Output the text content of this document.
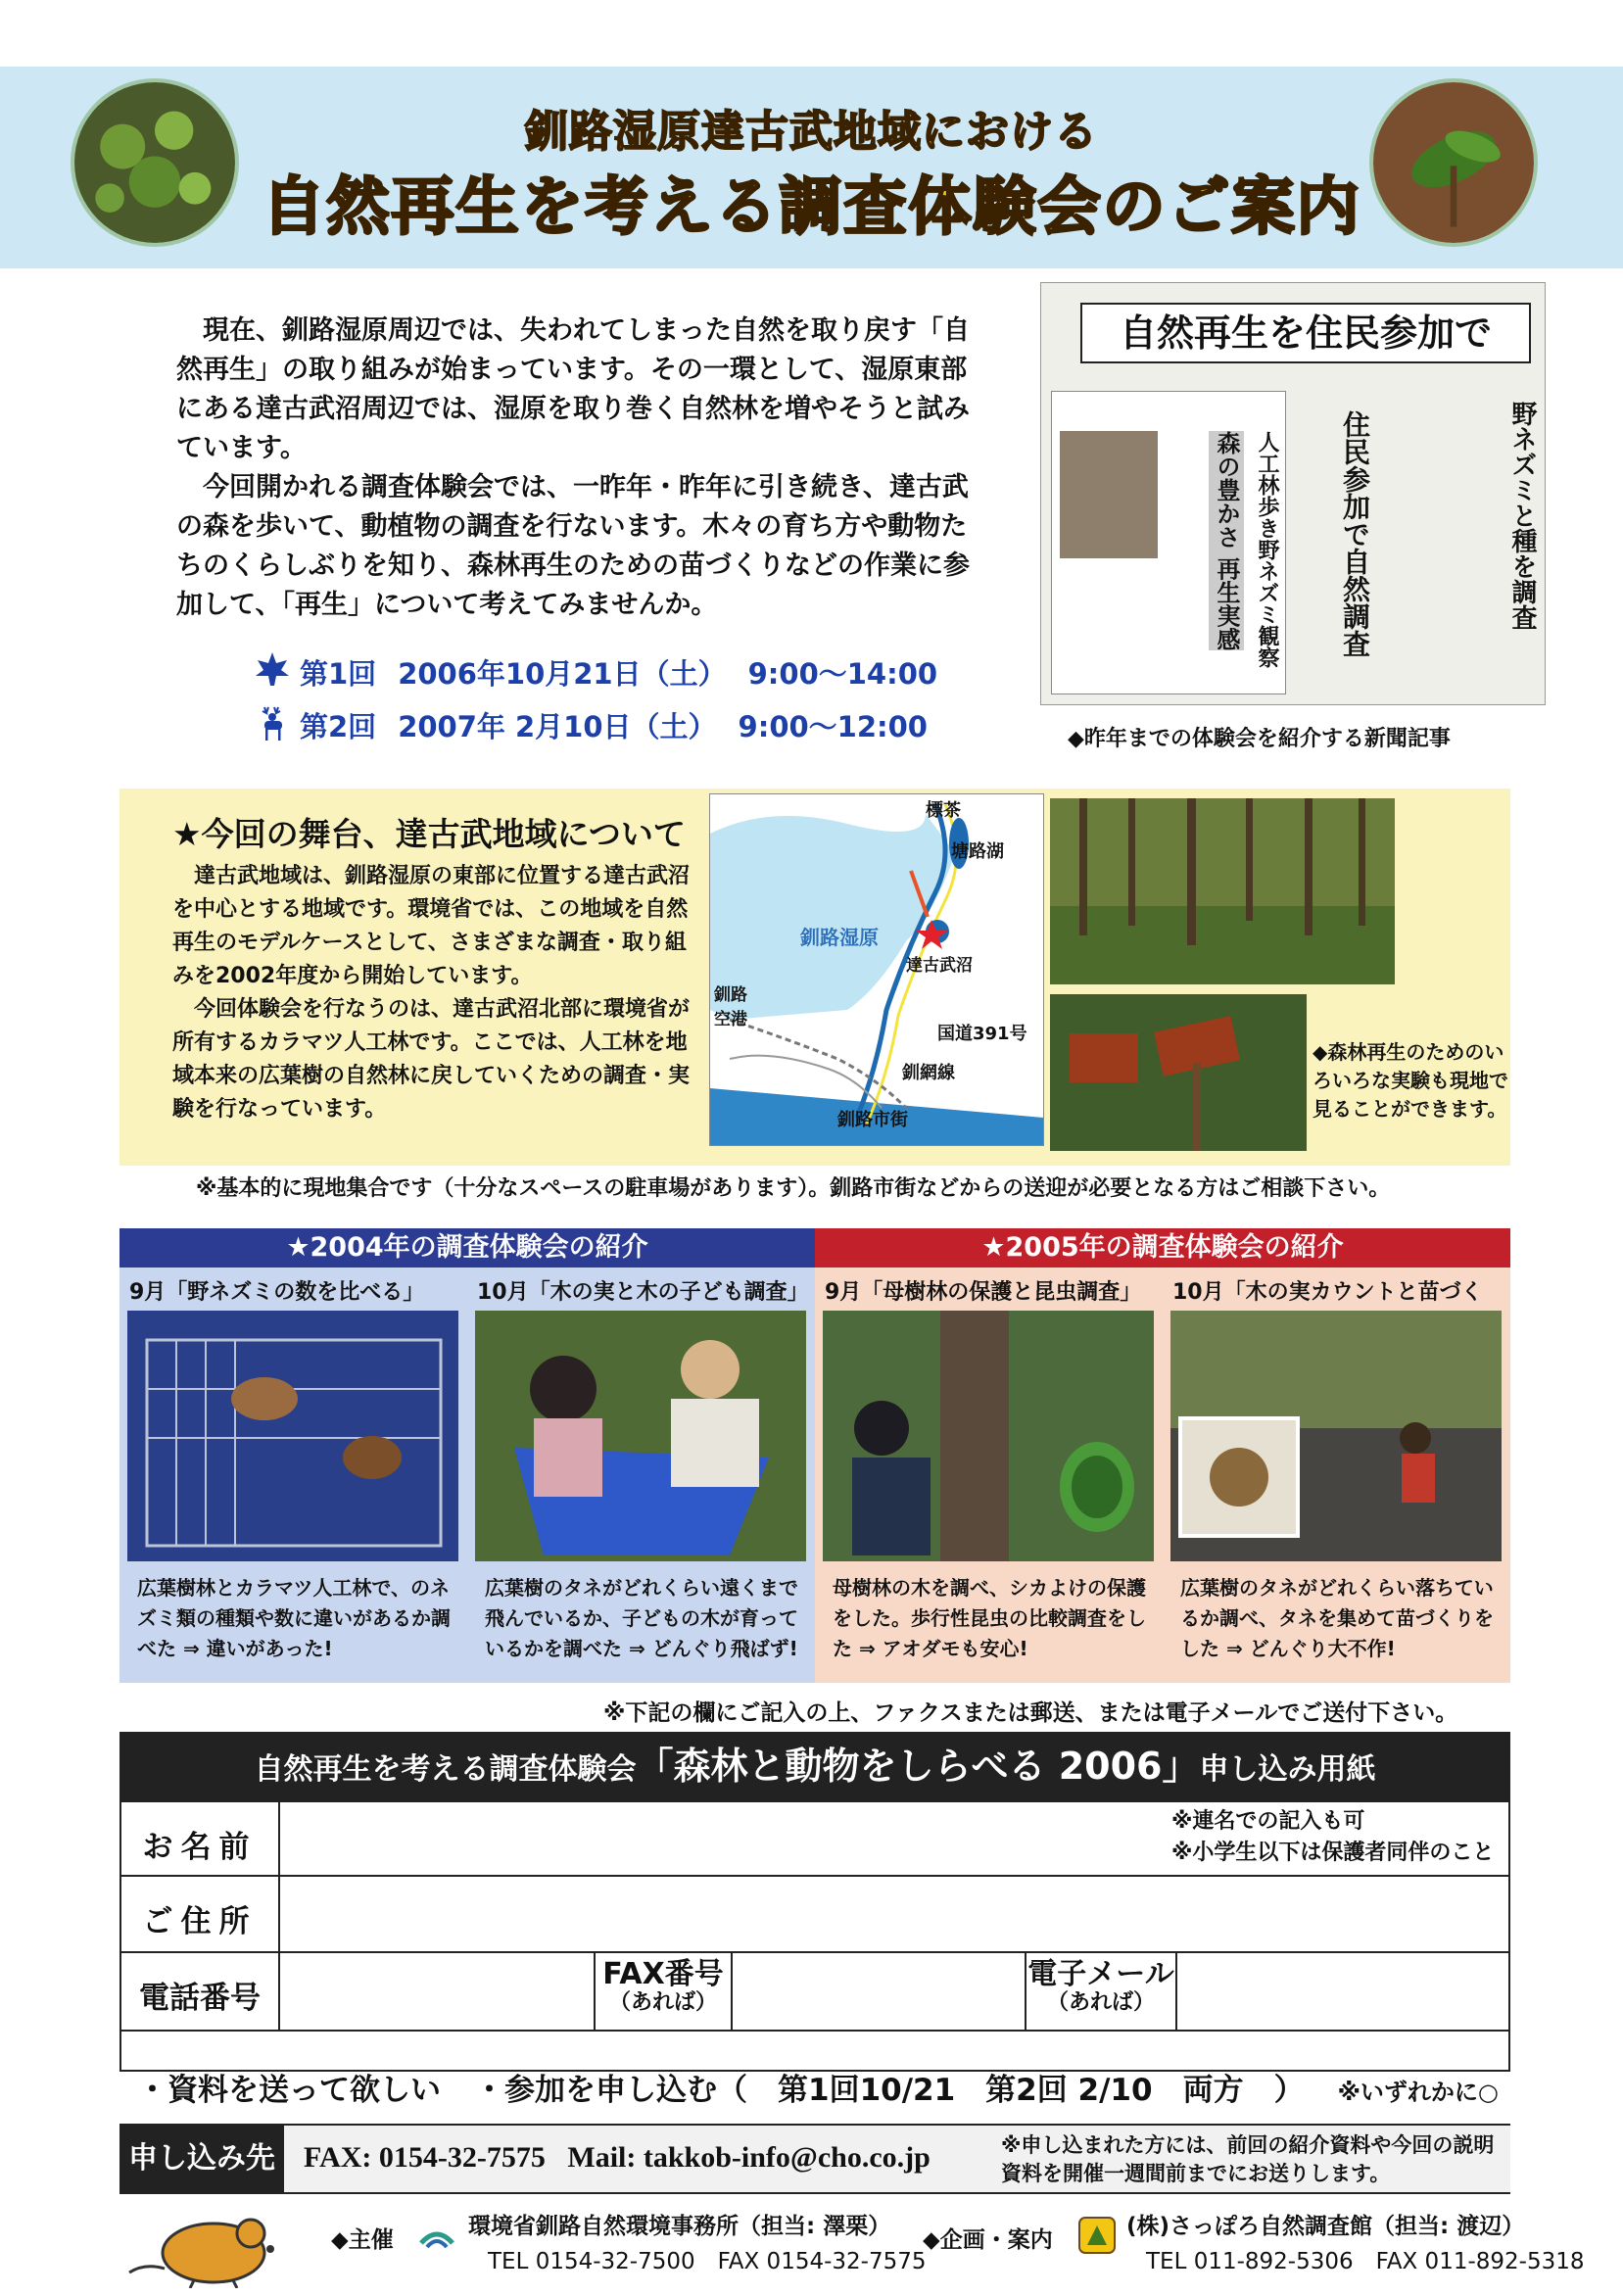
釧路湿原達古武地域における
自然再生を考える調査体験会のご案内

現在、釧路湿原周辺では、失われてしまった自然を取り戻す「自然再生」の取り組みが始まっています。その一環として、湿原東部にある達古武沼周辺では、湿原を取り巻く自然林を増やそうと試みています。

今回開かれる調査体験会では、一昨年・昨年に引き続き、達古武の森を歩いて、動植物の調査を行ないます。木々の育ち方や動物たちのくらしぶりを知り、森林再生のための苗づくりなどの作業に参加して、「再生」について考えてみませんか。

第1回 2006年10月21日（土） 9:00～14:00
第2回 2007年 2月10日（土） 9:00～12:00
自然再生を住民参加で
森の豊かさ 再生実感 人工林歩き野ネズミ観察 住民参加で自然調査	野ネズミと種を調査
◆昨年までの体験会を紹介する新聞記事
★今回の舞台、達古武地域について

達古武地域は、釧路湿原の東部に位置する達古武沼を中心とする地域です。環境省では、この地域を自然再生のモデルケースとして、さまざまな調査・取り組みを2002年度から開始しています。

今回体験会を行なうのは、達古武沼北部に環境省が所有するカラマツ人工林です。ここでは、人工林を地域本来の広葉樹の自然林に戻していくための調査・実験を行なっています。

標茶
塘路湖
釧路湿原
達古武沼
釧路空港
国道391号
釧網線
釧路市街
◆森林再生のためのいろいろな実験も現地で見ることができます。
※基本的に現地集合です（十分なスペースの駐車場があります）。釧路市街などからの送迎が必要となる方はご相談下さい。
★2004年の調査体験会の紹介	★2005年の調査体験会の紹介
9月「野ネズミの数を比べる」
広葉樹林とカラマツ人工林で、のネズミ類の種類や数に違いがあるか調べた ⇒ 違いがあった!
10月「木の実と木の子ども調査」
広葉樹のタネがどれくらい遠くまで飛んでいるか、子どもの木が育っているかを調べた ⇒ どんぐり飛ばず!
9月「母樹林の保護と昆虫調査」
母樹林の木を調べ、シカよけの保護をした。歩行性昆虫の比較調査をした ⇒ アオダモも安心!
10月「木の実カウントと苗づく
広葉樹のタネがどれくらい落ちているか調べ、タネを集めて苗づくりをした ⇒ どんぐり大不作!
※下記の欄にご記入の上、ファクスまたは郵送、または電子メールでご送付下さい。
自然再生を考える調査体験会「森林と動物をしらべる 2006」申し込み用紙
お名前
※連名での記入も可
※小学生以下は保護者同伴のこと
ご住所
電話番号
FAX番号
（あれば）
電子メール
（あれば）
・資料を送って欲しい ・参加を申し込む（　第1回10/21　第2回 2/10　両方　） ※いずれかに○
申し込み先 FAX: 0154-32-7575 Mail: takkob-info@cho.co.jp	※申し込まれた方には、前回の紹介資料や今回の説明資料を開催一週間前までにお送りします。
◆主催
環境省釧路自然環境事務所（担当: 澤栗）
TEL 0154-32-7500　FAX 0154-32-7575
◆企画・案内
(株)さっぽろ自然調査館（担当: 渡辺）
TEL 011-892-5306　FAX 011-892-5318
